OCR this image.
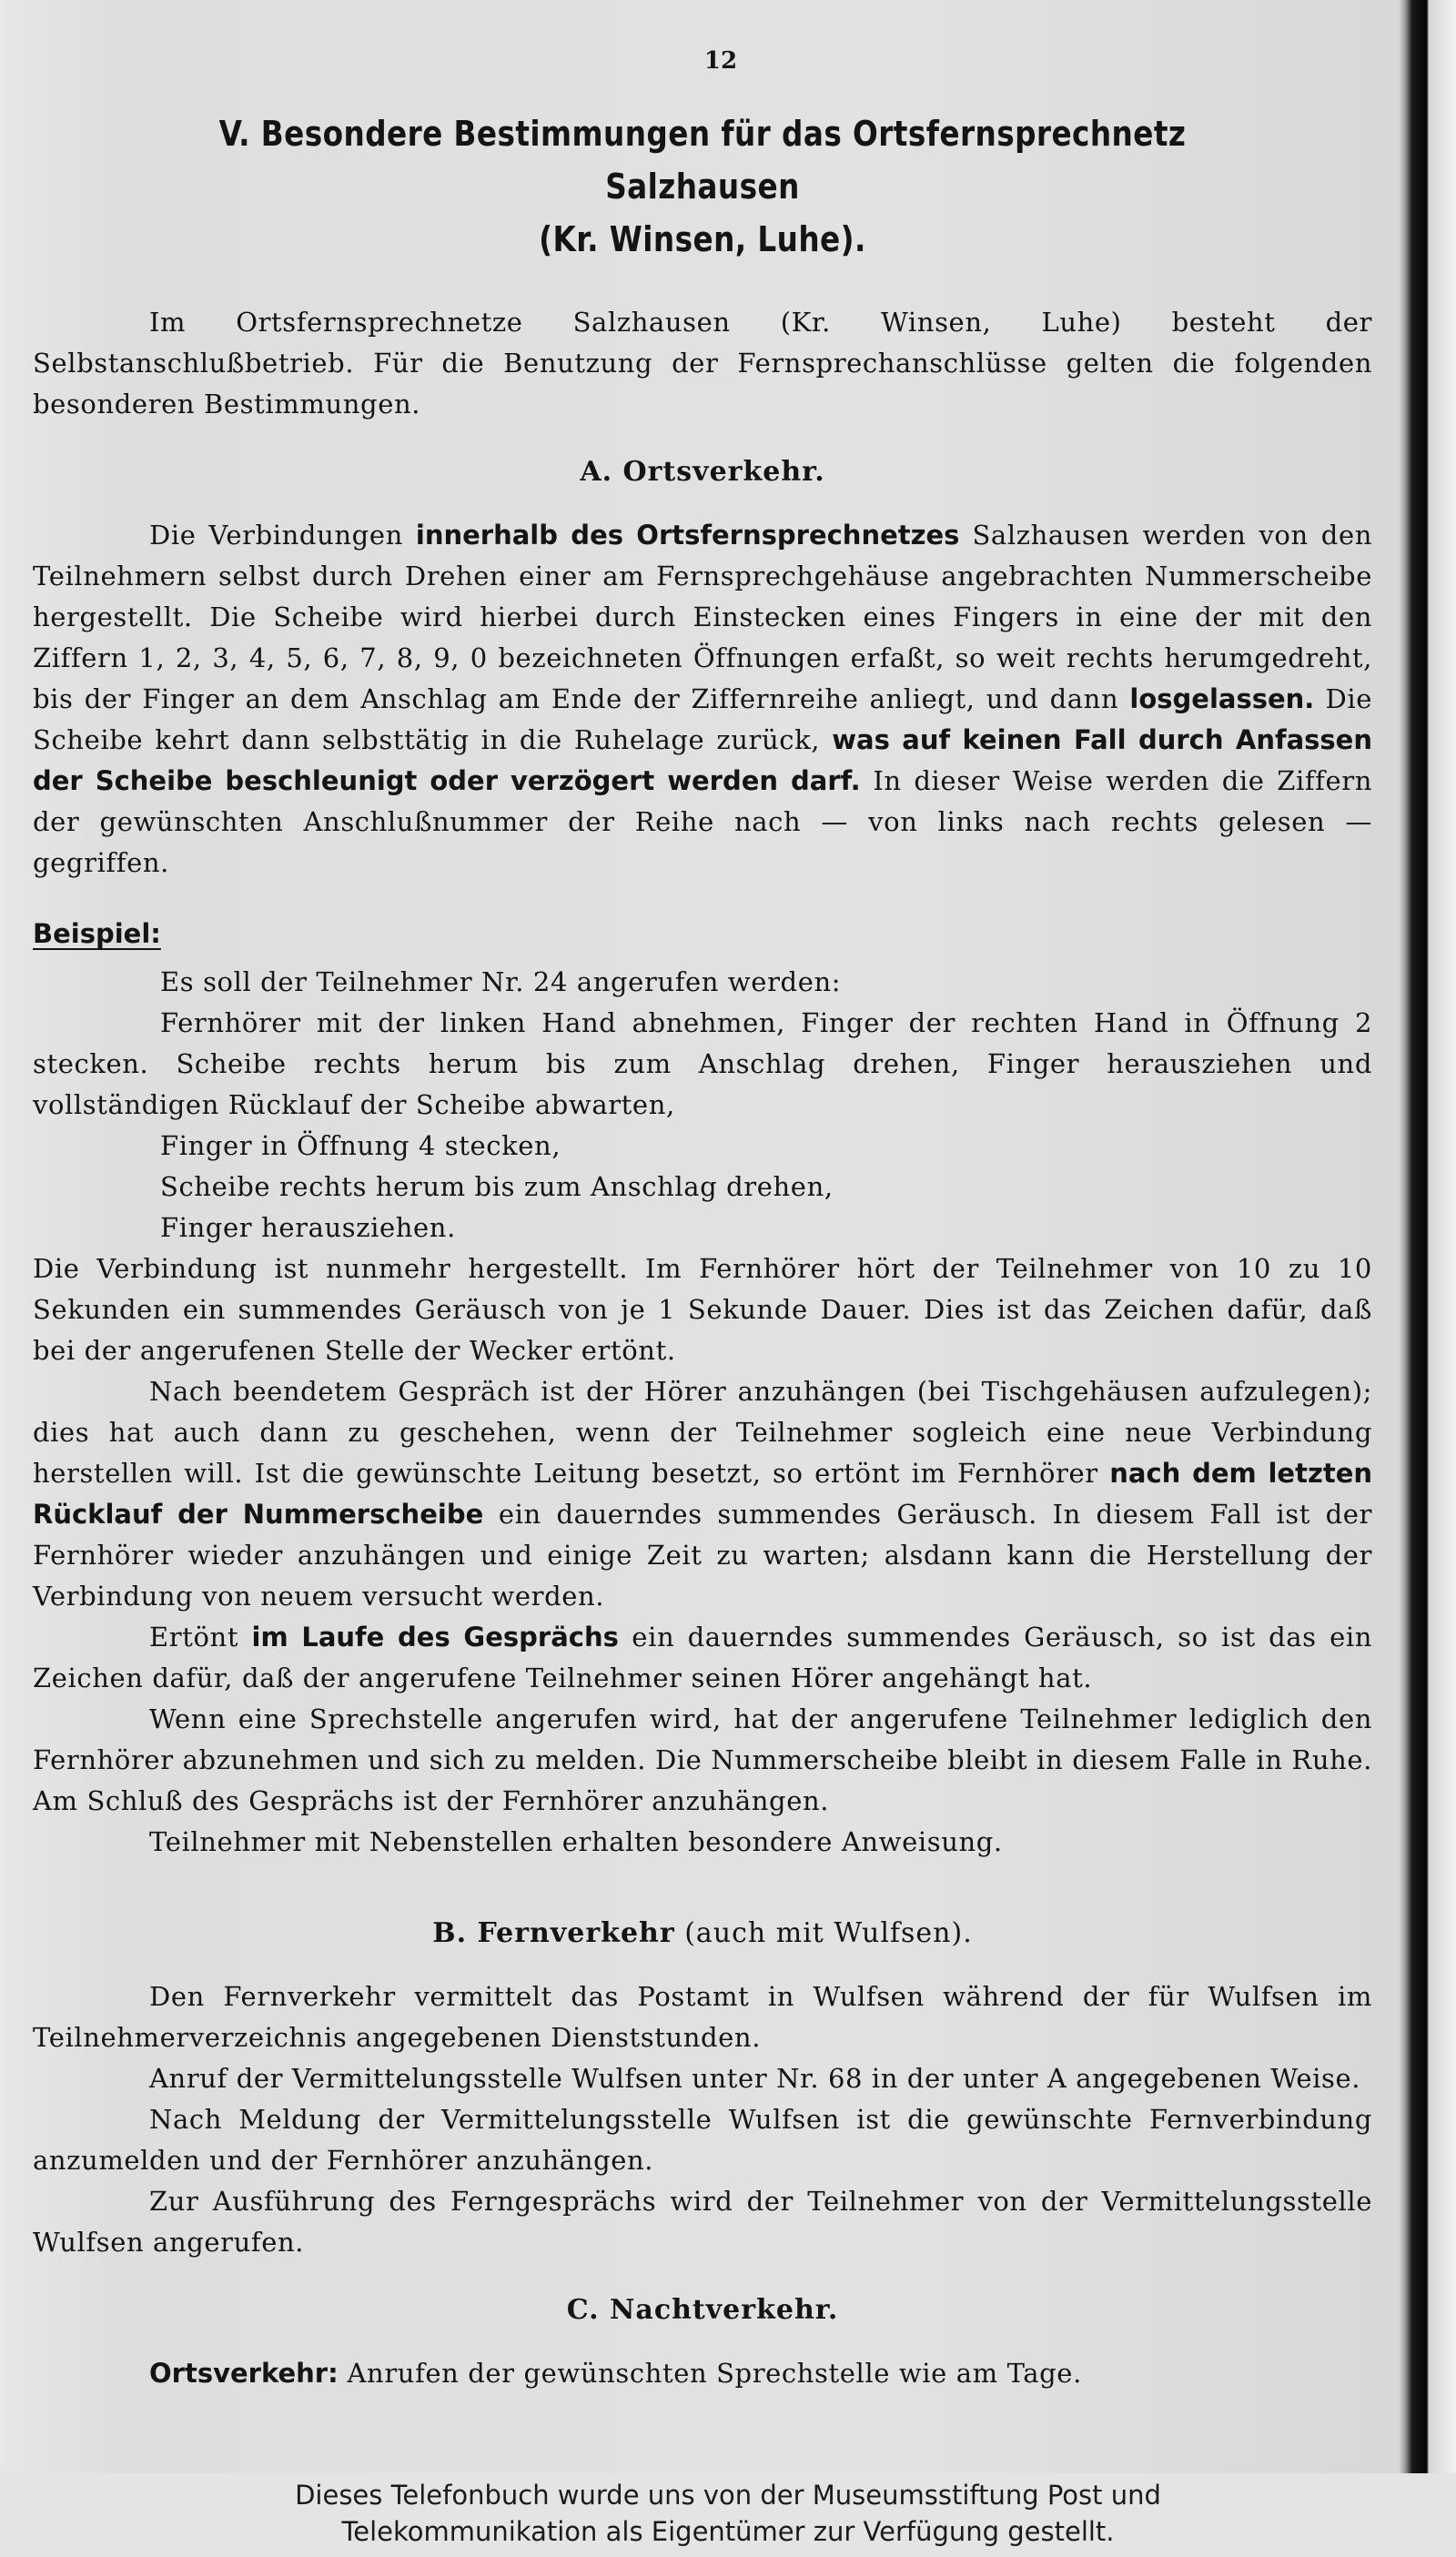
12
V. Besondere Bestimmungen für das Ortsfernsprechnetz Salzhausen
(Kr. Winsen, Luhe).

Im Ortsfernsprechnetze Salzhausen (Kr. Winsen, Luhe) besteht der Selbstanschlußbetrieb. Für die Benutzung der Fernsprechanschlüsse gelten die folgenden besonderen Bestimmungen.

A. Ortsverkehr.

Die Verbindungen innerhalb des Ortsfernsprechnetzes Salzhausen werden von den Teilnehmern selbst durch Drehen einer am Fernsprechgehäuse angebrachten Nummerscheibe hergestellt. Die Scheibe wird hierbei durch Einstecken eines Fingers in eine der mit den Ziffern 1, 2, 3, 4, 5, 6, 7, 8, 9, 0 bezeichneten Öffnungen erfaßt, so weit rechts herumgedreht, bis der Finger an dem Anschlag am Ende der Ziffernreihe anliegt, und dann losgelassen. Die Scheibe kehrt dann selbsttätig in die Ruhelage zurück, was auf keinen Fall durch Anfassen der Scheibe beschleunigt oder verzögert werden darf. In dieser Weise werden die Ziffern der gewünschten Anschlußnummer der Reihe nach — von links nach rechts gelesen — gegriffen.

Beispiel:

Es soll der Teilnehmer Nr. 24 angerufen werden:

Fernhörer mit der linken Hand abnehmen, Finger der rechten Hand in Öffnung 2 stecken. Scheibe rechts herum bis zum Anschlag drehen, Finger herausziehen und vollständigen Rücklauf der Scheibe abwarten,

Finger in Öffnung 4 stecken,

Scheibe rechts herum bis zum Anschlag drehen,

Finger herausziehen.

Die Verbindung ist nunmehr hergestellt. Im Fernhörer hört der Teilnehmer von 10 zu 10 Sekunden ein summendes Geräusch von je 1 Sekunde Dauer. Dies ist das Zeichen dafür, daß bei der angerufenen Stelle der Wecker ertönt.

Nach beendetem Gespräch ist der Hörer anzuhängen (bei Tischgehäusen aufzulegen); dies hat auch dann zu geschehen, wenn der Teilnehmer sogleich eine neue Verbindung herstellen will. Ist die gewünschte Leitung besetzt, so ertönt im Fernhörer nach dem letzten Rücklauf der Nummerscheibe ein dauerndes summendes Geräusch. In diesem Fall ist der Fernhörer wieder anzuhängen und einige Zeit zu warten; alsdann kann die Herstellung der Verbindung von neuem versucht werden.

Ertönt im Laufe des Gesprächs ein dauerndes summendes Geräusch, so ist das ein Zeichen dafür, daß der angerufene Teilnehmer seinen Hörer angehängt hat.

Wenn eine Sprechstelle angerufen wird, hat der angerufene Teilnehmer lediglich den Fernhörer abzunehmen und sich zu melden. Die Nummerscheibe bleibt in diesem Falle in Ruhe. Am Schluß des Gesprächs ist der Fernhörer anzuhängen.

Teilnehmer mit Nebenstellen erhalten besondere Anweisung.

B. Fernverkehr (auch mit Wulfsen).

Den Fernverkehr vermittelt das Postamt in Wulfsen während der für Wulfsen im Teilnehmerverzeichnis angegebenen Dienststunden.

Anruf der Vermittelungsstelle Wulfsen unter Nr. 68 in der unter A angegebenen Weise.

Nach Meldung der Vermittelungsstelle Wulfsen ist die gewünschte Fernverbindung anzumelden und der Fernhörer anzuhängen.

Zur Ausführung des Ferngesprächs wird der Teilnehmer von der Vermittelungsstelle Wulfsen angerufen.

C. Nachtverkehr.

Ortsverkehr: Anrufen der gewünschten Sprechstelle wie am Tage.

Dieses Telefonbuch wurde uns von der Museumsstiftung Post und
Telekommunikation als Eigentümer zur Verfügung gestellt.
